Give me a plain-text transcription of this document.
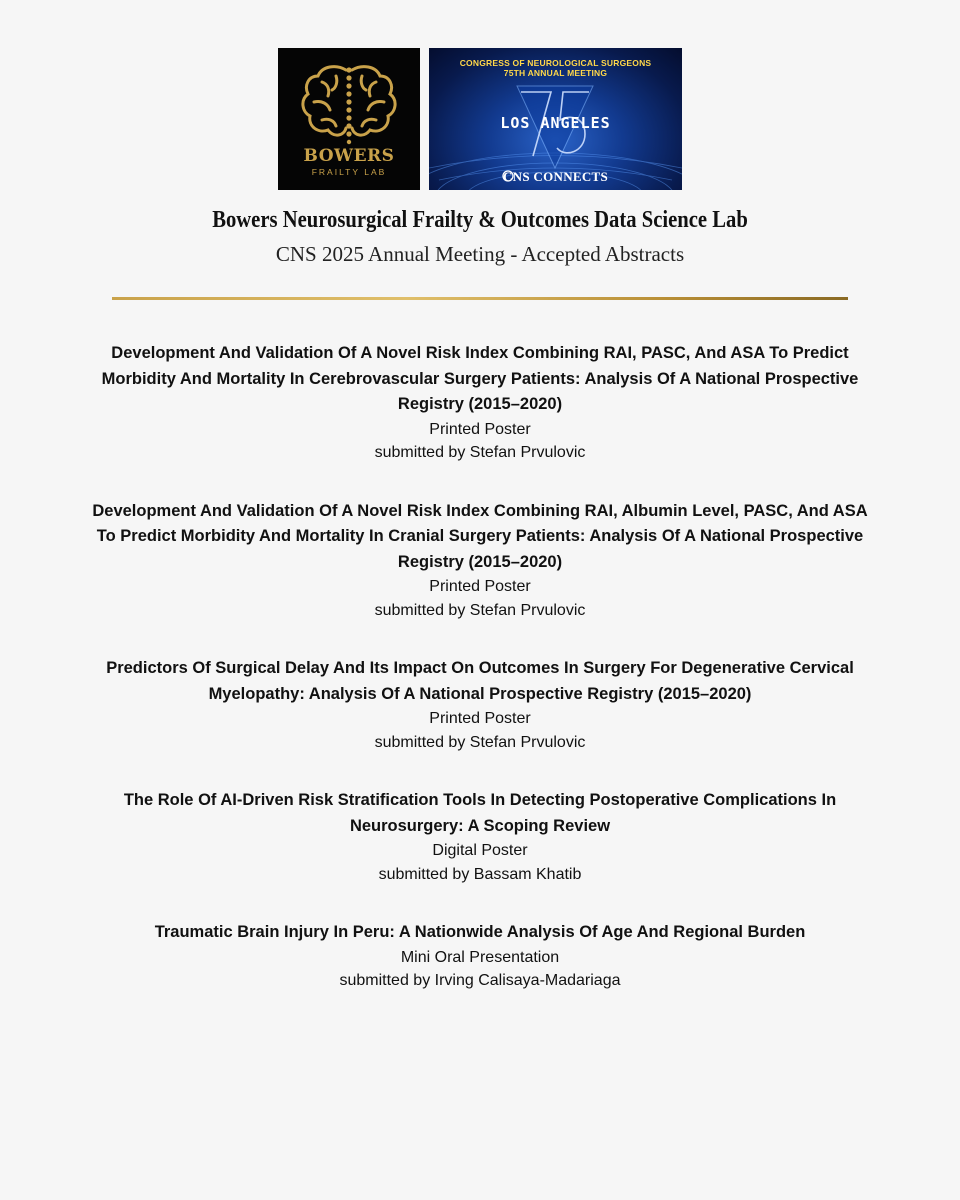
BOWERS
FRAILTY LAB
CONGRESS OF NEUROLOGICAL SURGEONS
75TH ANNUAL MEETING
LOS ANGELES
CNS CONNECTS
Bowers Neurosurgical Frailty & Outcomes Data Science Lab
CNS 2025 Annual Meeting - Accepted Abstracts
Development And Validation Of A Novel Risk Index Combining RAI, PASC, And ASA To Predict Morbidity And Mortality In Cerebrovascular Surgery Patients: Analysis Of A National Prospective Registry (2015–2020)
Printed Poster
submitted by Stefan Prvulovic
Development And Validation Of A Novel Risk Index Combining RAI, Albumin Level, PASC, And ASA To Predict Morbidity And Mortality In Cranial Surgery Patients: Analysis Of A National Prospective Registry (2015–2020)
Printed Poster
submitted by Stefan Prvulovic
Predictors Of Surgical Delay And Its Impact On Outcomes In Surgery For Degenerative Cervical Myelopathy: Analysis Of A National Prospective Registry (2015–2020)
Printed Poster
submitted by Stefan Prvulovic
The Role Of AI-Driven Risk Stratification Tools In Detecting Postoperative Complications In Neurosurgery: A Scoping Review
Digital Poster
submitted by Bassam Khatib
Traumatic Brain Injury In Peru: A Nationwide Analysis Of Age And Regional Burden
Mini Oral Presentation
submitted by Irving Calisaya-Madariaga
